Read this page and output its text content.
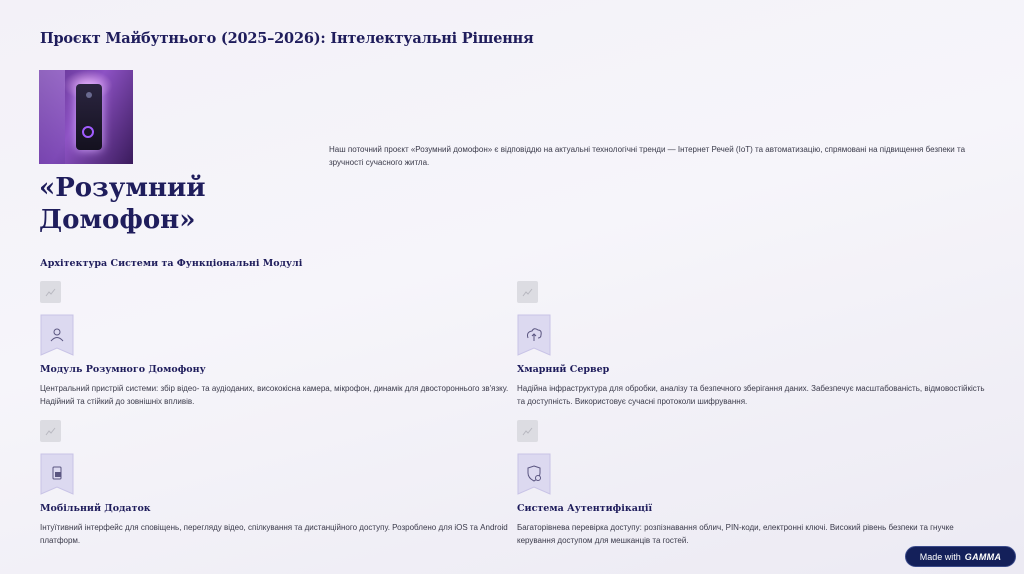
Проєкт Майбутнього (2025–2026): Інтелектуальні Рішення
«Розумний Домофон»
Наш поточний проєкт «Розумний домофон» є відповіддю на актуальні технологічні тренди — Інтернет Речей (IoT) та автоматизацію, спрямовані на підвищення безпеки та зручності сучасного житла.
Архітектура Системи та Функціональні Модулі
Модуль Розумного Домофону
Центральний пристрій системи: збір відео- та аудіоданих, висококісна камера, мікрофон, динамік для двостороннього зв'язку. Надійний та стійкий до зовнішніх впливів.
Хмарний Сервер
Надійна інфраструктура для обробки, аналізу та безпечного зберігання даних. Забезпечує масштабованість, відмовостійкість та доступність. Використовує сучасні протоколи шифрування.
Мобільний Додаток
Інтуїтивний інтерфейс для сповіщень, перегляду відео, спілкування та дистанційного доступу. Розроблено для iOS та Android платформ.
Система Аутентифікації
Багаторівнева перевірка доступу: розпізнавання облич, PIN-коди, електронні ключі. Високий рівень безпеки та гнучке керування доступом для мешканців та гостей.
Made with GAMMA
